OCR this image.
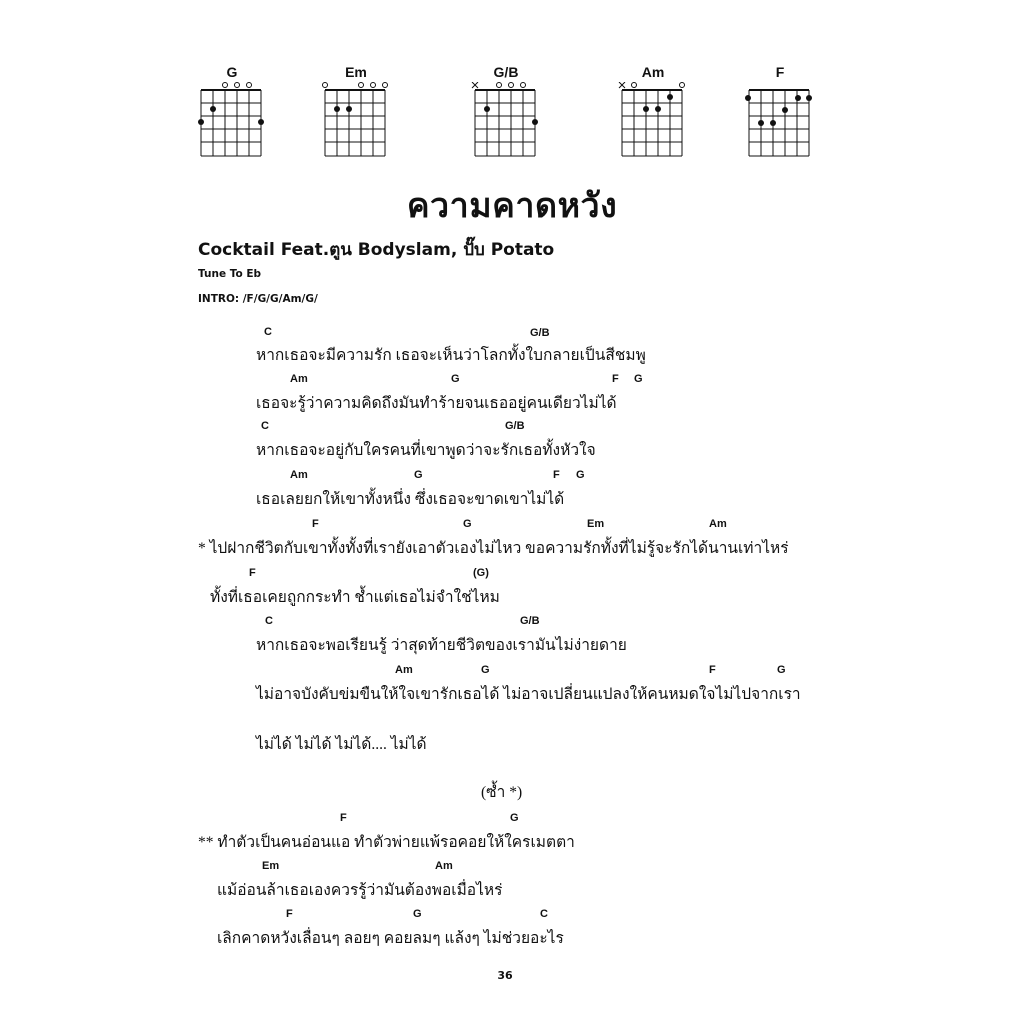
G	Em	G/B	Am	F
ความคาดหวัง
Cocktail Feat.ตูน Bodyslam, ปั๊บ Potato
Tune To Eb
INTRO: /F/G/G/Am/G/
C	G/B
หากเธอจะมีความรัก เธอจะเห็นว่าโลกทั้งใบกลายเป็นสีชมพู
Am	G	F G
เธอจะรู้ว่าความคิดถึงมันทำร้ายจนเธออยู่คนเดียวไม่ได้
C	G/B
หากเธอจะอยู่กับใครคนที่เขาพูดว่าจะรักเธอทั้งหัวใจ
Am	G	F G
เธอเลยยกให้เขาทั้งหนึ่ง ซึ่งเธอจะขาดเขาไม่ได้
F	G	Em	Am
* ไปฝากชีวิตกับเขาทั้งทั้งที่เรายังเอาตัวเองไม่ไหว ขอความรักทั้งที่ไม่รู้จะรักได้นานเท่าไหร่
F	(G)
ทั้งที่เธอเคยถูกกระทำ ช้ำแต่เธอไม่จำใช่ไหม
C	G/B
หากเธอจะพอเรียนรู้ ว่าสุดท้ายชีวิตของเรามันไม่ง่ายดาย
Am	G	F	G
ไม่อาจบังคับข่มขืนให้ใจเขารักเธอได้ ไม่อาจเปลี่ยนแปลงให้คนหมดใจไม่ไปจากเรา
ไม่ได้ ไม่ได้ ไม่ได้.... ไม่ได้
(ซ้ำ *)
F	G
** ทำตัวเป็นคนอ่อนแอ ทำตัวพ่ายแพ้รอคอยให้ใครเมตตา
Em	Am
แม้อ่อนล้าเธอเองควรรู้ว่ามันต้องพอเมื่อไหร่
F	G	C
เลิกคาดหวังเลื่อนๆ ลอยๆ คอยลมๆ แล้งๆ ไม่ช่วยอะไร
36
